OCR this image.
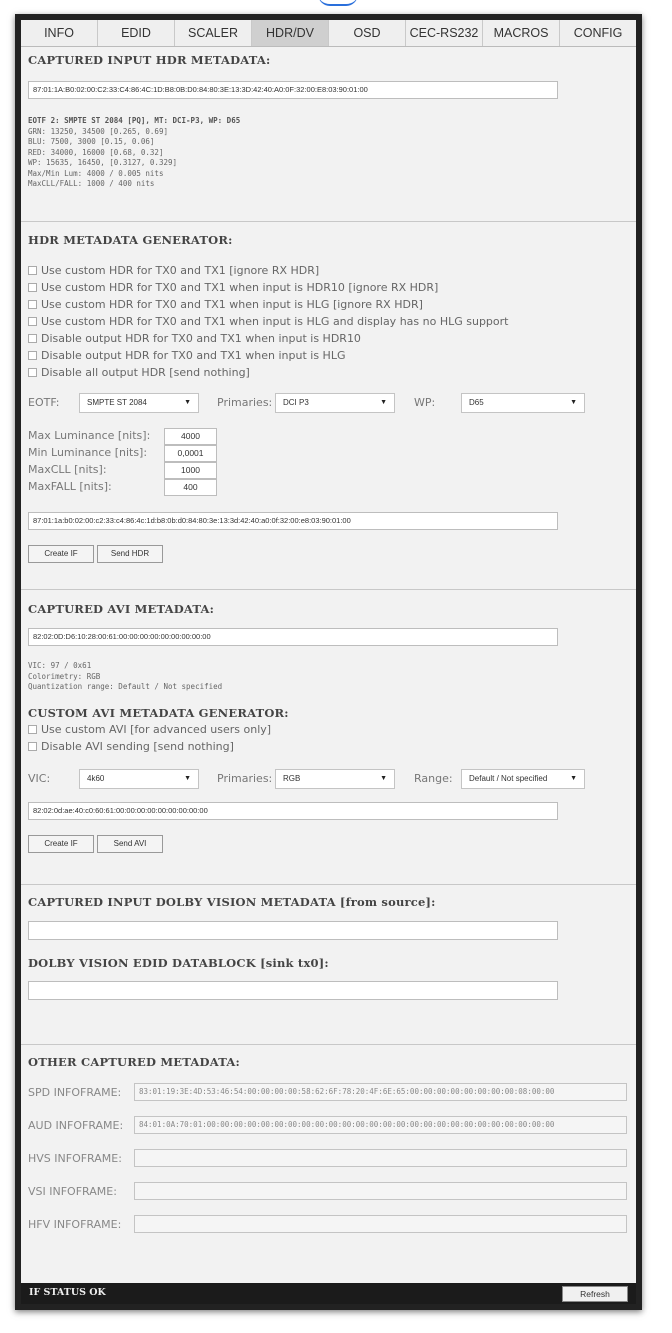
INFO	EDID	SCALER	HDR/DV	OSD	CEC-RS232	MACROS	CONFIG
CAPTURED INPUT HDR METADATA:
87:01:1A:B0:02:00:C2:33:C4:86:4C:1D:B8:0B:D0:84:80:3E:13:3D:42:40:A0:0F:32:00:E8:03:90:01:00
EOTF 2: SMPTE ST 2084 [PQ], MT: DCI-P3, WP: D65
GRN: 13250, 34500 [0.265, 0.69]
BLU: 7500, 3000 [0.15, 0.06]
RED: 34000, 16000 [0.68, 0.32]
WP: 15635, 16450, [0.3127, 0.329]
Max/Min Lum: 4000 / 0.005 nits
MaxCLL/FALL: 1000 / 400 nits
HDR METADATA GENERATOR:
Use custom HDR for TX0 and TX1 [ignore RX HDR]
Use custom HDR for TX0 and TX1 when input is HDR10 [ignore RX HDR]
Use custom HDR for TX0 and TX1 when input is HLG [ignore RX HDR]
Use custom HDR for TX0 and TX1 when input is HLG and display has no HLG support
Disable output HDR for TX0 and TX1 when input is HDR10
Disable output HDR for TX0 and TX1 when input is HLG
Disable all output HDR [send nothing]
EOTF:	SMPTE ST 2084	▼ Primaries:	DCI P3	▼ WP:	D65	▼
Max Luminance [nits]:	4000
Min Luminance [nits]:	0,0001
MaxCLL [nits]:	1000
MaxFALL [nits]:	400
87:01:1a:b0:02:00:c2:33:c4:86:4c:1d:b8:0b:d0:84:80:3e:13:3d:42:40:a0:0f:32:00:e8:03:90:01:00
Create IF	Send HDR
CAPTURED AVI METADATA:
82:02:0D:D6:10:28:00:61:00:00:00:00:00:00:00:00:00
VIC: 97 / 0x61
Colorimetry: RGB
Quantization range: Default / Not specified
CUSTOM AVI METADATA GENERATOR:
Use custom AVI [for advanced users only]
Disable AVI sending [send nothing]
VIC:	4k60	▼ Primaries:	RGB	▼ Range:	Default / Not specified	▼
82:02:0d:ae:40:c0:60:61:00:00:00:00:00:00:00:00:00
Create IF	Send AVI
CAPTURED INPUT DOLBY VISION METADATA [from source]:
DOLBY VISION EDID DATABLOCK [sink tx0]:
OTHER CAPTURED METADATA:
SPD INFOFRAME:	83:01:19:3E:4D:53:46:54:00:00:00:00:58:62:6F:78:20:4F:6E:65:00:00:00:00:00:00:00:00:08:00:00
AUD INFOFRAME:	84:01:0A:70:01:00:00:00:00:00:00:00:00:00:00:00:00:00:00:00:00:00:00:00:00:00:00:00:00:00:00
HVS INFOFRAME:
VSI INFOFRAME:
HFV INFOFRAME:
IF STATUS OK	Refresh
